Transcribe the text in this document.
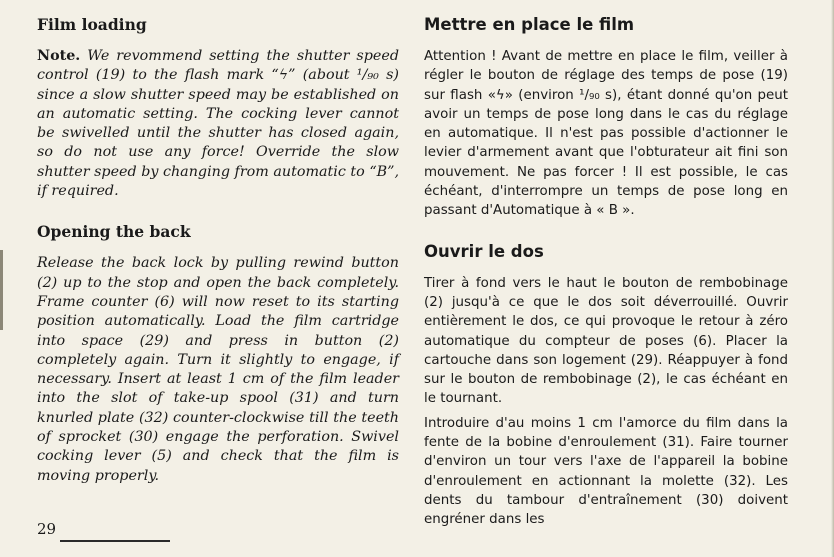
Film loading

Note. We revommend setting the shutter speed control (19) to the flash mark “ϟ” (about ¹/₉₀ s) since a slow shutter speed may be established on an automatic setting. The cocking lever cannot be swivelled until the shutter has closed again, so do not use any force! Override the slow shutter speed by changing from automatic to “B”, if required.

Opening the back

Release the back lock by pulling rewind button (2) up to the stop and open the back completely. Frame counter (6) will now reset to its starting position automatically. Load the film cartridge into space (29) and press in button (2) completely again. Turn it slightly to engage, if necessary. Insert at least 1 cm of the film leader into the slot of take-up spool (31) and turn knurled plate (32) counter-clockwise till the teeth of sprocket (30) engage the perforation. Swivel cocking lever (5) and check that the film is moving properly.

Mettre en place le film

Attention ! Avant de mettre en place le film, veiller à régler le bouton de réglage des temps de pose (19) sur flash «ϟ» (environ ¹/₉₀ s), étant donné qu'on peut avoir un temps de pose long dans le cas du réglage en automatique. Il n'est pas possible d'actionner le levier d'armement avant que l'obturateur ait fini son mouvement. Ne pas forcer ! Il est possible, le cas échéant, d'interrompre un temps de pose long en passant d'Automatique à « B ».

Ouvrir le dos

Tirer à fond vers le haut le bouton de rembobinage (2) jusqu'à ce que le dos soit déverrouillé. Ouvrir entièrement le dos, ce qui provoque le retour à zéro automatique du compteur de poses (6). Placer la cartouche dans son logement (29). Réappuyer à fond sur le bouton de rembobinage (2), le cas échéant en le tournant.

Introduire d'au moins 1 cm l'amorce du film dans la fente de la bobine d'enroulement (31). Faire tourner d'environ un tour vers l'axe de l'appareil la bobine d'enroulement en actionnant la molette (32). Les dents du tambour d'entraînement (30) doivent engréner dans les

29
